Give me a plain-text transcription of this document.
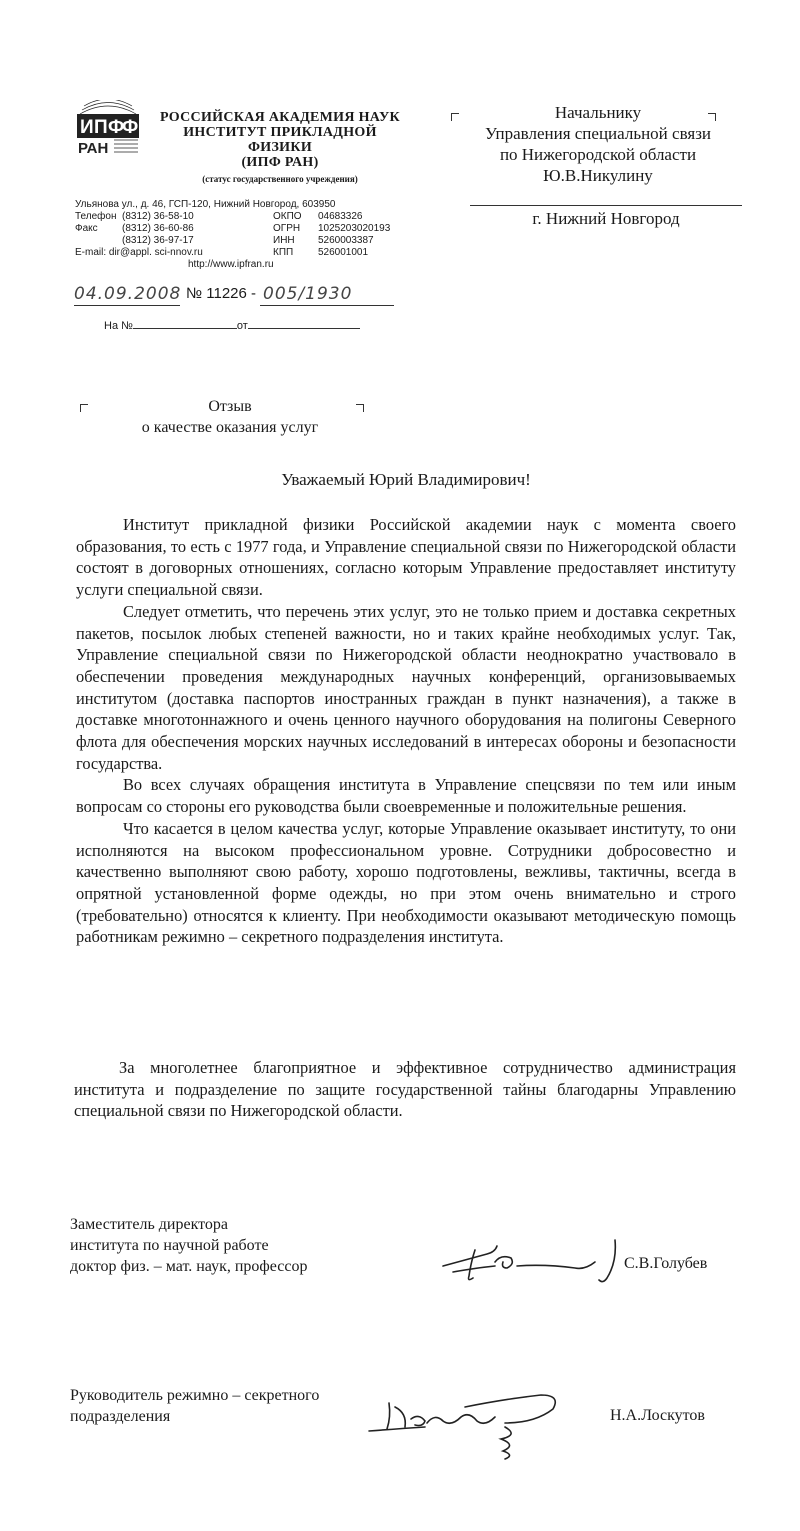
И П Ф
Ф
РАН
РОССИЙСКАЯ АКАДЕМИЯ НАУК
ИНСТИТУТ ПРИКЛАДНОЙ ФИЗИКИ
(ИПФ РАН)
(статус государственного учреждения)
Ульянова ул., д. 46, ГСП-120, Нижний Новгород, 603950
Телефон (8312) 36-58-10	ОКПО 04683326
Факс (8312) 36-60-86	ОГРН 1025203020193
(8312) 36-97-17	ИНН 5260003387
E-mail: dir@appl. sci-nnov.ru	КПП 526001001
http://www.ipfran.ru
04.09.2008 № 11226 - 005/1930
На №	от
Начальнику
Управления специальной связи
по Нижегородской области
Ю.В.Никулину
г. Нижний Новгород
Отзыв
о качестве оказания услуг
Уважаемый Юрий Владимирович!

Институт прикладной физики Российской академии наук с момента своего образования, то есть с 1977 года, и Управление специальной связи по Нижегородской области состоят в договорных отношениях, согласно которым Управление предоставляет институту услуги специальной связи.

Следует отметить, что перечень этих услуг, это не только прием и доставка секретных пакетов, посылок любых степеней важности, но и таких крайне необходимых услуг. Так, Управление специальной связи по Нижегородской области неоднократно участвовало в обеспечении проведения международных научных конференций, организовываемых институтом (доставка паспортов иностранных граждан в пункт назначения), а также в доставке многотоннажного и очень ценного научного оборудования на полигоны Северного флота для обеспечения морских научных исследований в интересах обороны и безопасности государства.

Во всех случаях обращения института в Управление спецсвязи по тем или иным вопросам со стороны его руководства были своевременные и положительные решения.

Что касается в целом качества услуг, которые Управление оказывает институту, то они исполняются на высоком профессиональном уровне. Сотрудники добросовестно и качественно выполняют свою работу, хорошо подготовлены, вежливы, тактичны, всегда в опрятной установленной форме одежды, но при этом очень внимательно и строго (требовательно) относятся к клиенту. При необходимости оказывают методическую помощь работникам режимно – секретного подразделения института.

За многолетнее благоприятное и эффективное сотрудничество администрация института и подразделение по защите государственной тайны благодарны Управлению специальной связи по Нижегородской области.
Заместитель директора
института по научной работе
доктор физ. – мат. наук, профессор	С.В.Голубев
Руководитель режимно – секретного
подразделения	Н.А.Лоскутов
